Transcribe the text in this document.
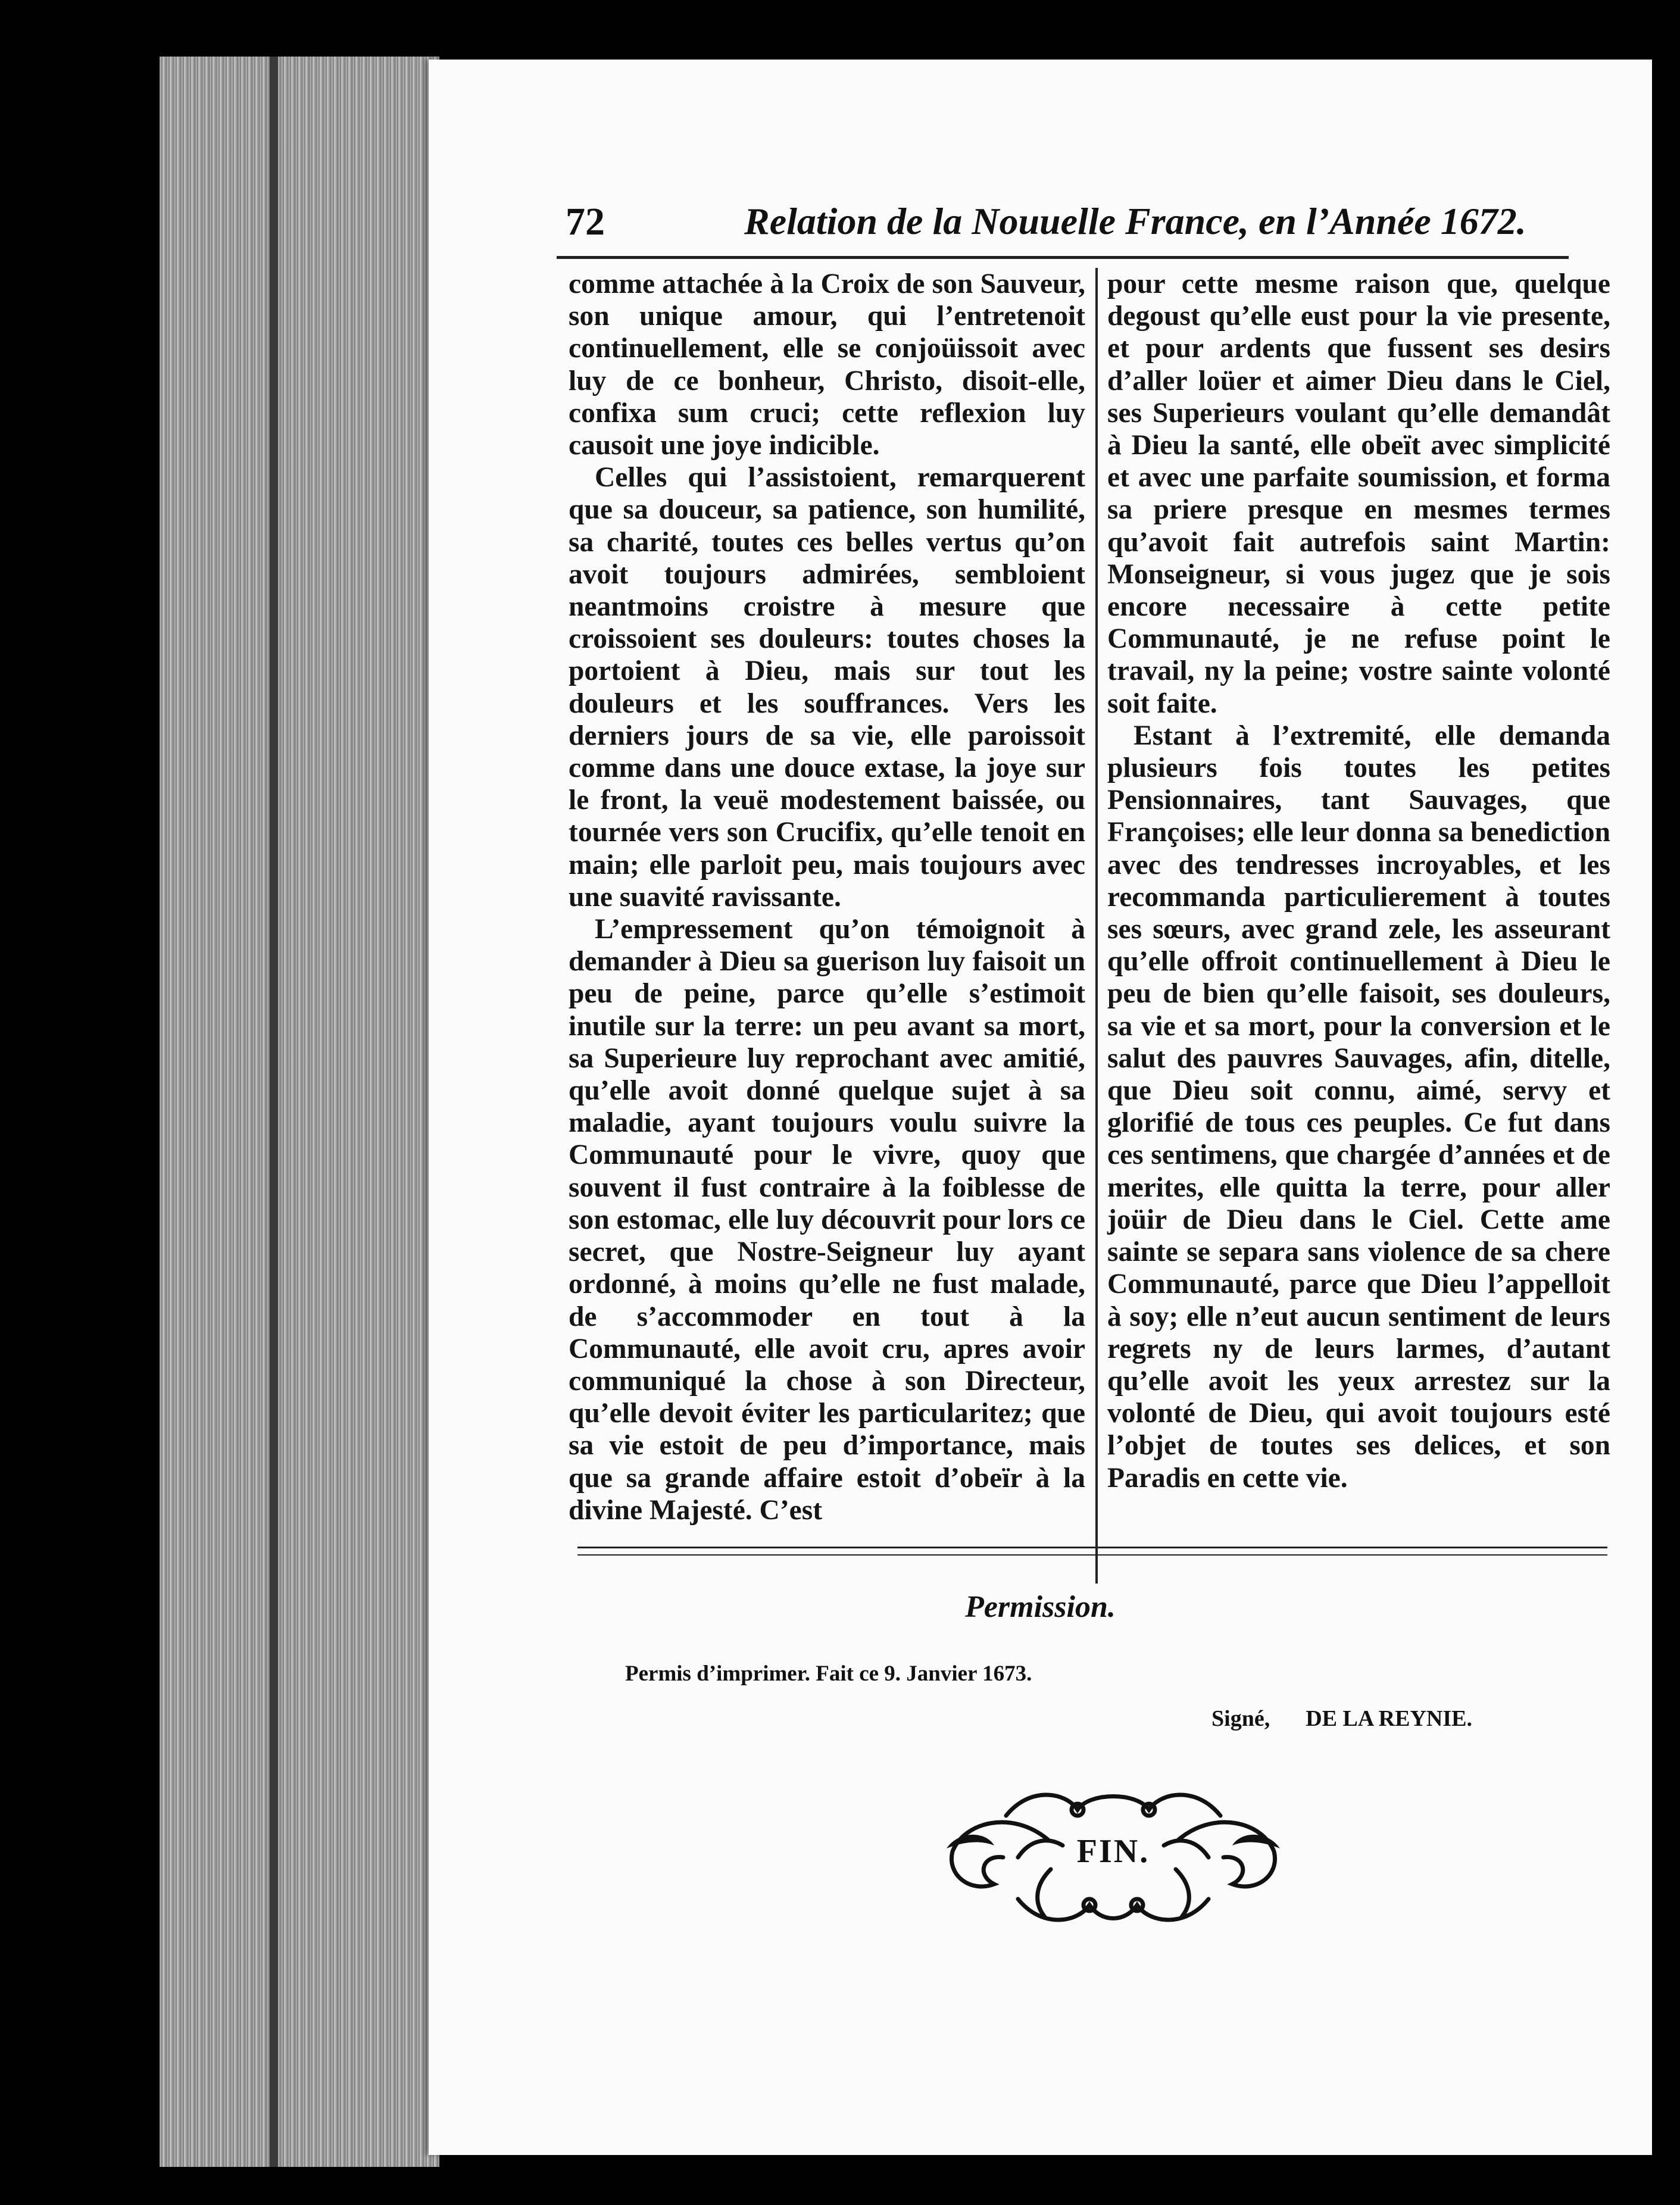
72	Relation de la Nouuelle France, en l’Année 1672.

comme attachée à la Croix de son Sauveur, son unique amour, qui l’entretenoit continuellement, elle se conjoüissoit avec luy de ce bonheur, Christo, disoit-elle, confixa sum cruci; cette reflexion luy causoit une joye indicible.

Celles qui l’assistoient, remarquerent que sa douceur, sa patience, son humilité, sa charité, toutes ces belles vertus qu’on avoit toujours admirées, sembloient neantmoins croistre à mesure que croissoient ses douleurs: toutes choses la portoient à Dieu, mais sur tout les douleurs et les souffrances. Vers les derniers jours de sa vie, elle paroissoit comme dans une douce extase, la joye sur le front, la veuë modestement baissée, ou tournée vers son Crucifix, qu’elle tenoit en main; elle parloit peu, mais toujours avec une suavité ravissante.

L’empressement qu’on témoignoit à demander à Dieu sa guerison luy faisoit un peu de peine, parce qu’elle s’estimoit inutile sur la terre: un peu avant sa mort, sa Superieure luy reprochant avec amitié, qu’elle avoit donné quelque sujet à sa maladie, ayant toujours voulu suivre la Communauté pour le vivre, quoy que souvent il fust contraire à la foiblesse de son estomac, elle luy découvrit pour lors ce secret, que Nostre-Seigneur luy ayant ordonné, à moins qu’elle ne fust malade, de s’accommoder en tout à la Communauté, elle avoit cru, apres avoir communiqué la chose à son Directeur, qu’elle devoit éviter les particularitez; que sa vie estoit de peu d’importance, mais que sa grande affaire estoit d’obeïr à la divine Majesté. C’est

pour cette mesme raison que, quelque degoust qu’elle eust pour la vie presente, et pour ardents que fussent ses desirs d’aller loüer et aimer Dieu dans le Ciel, ses Superieurs voulant qu’elle demandât à Dieu la santé, elle obeït avec simplicité et avec une parfaite soumission, et forma sa priere presque en mesmes termes qu’avoit fait autrefois saint Martin: Monseigneur, si vous jugez que je sois encore necessaire à cette petite Communauté, je ne refuse point le travail, ny la peine; vostre sainte volonté soit faite.

Estant à l’extremité, elle demanda plusieurs fois toutes les petites Pensionnaires, tant Sauvages, que Françoises; elle leur donna sa benediction avec des tendresses incroyables, et les recommanda particulierement à toutes ses sœurs, avec grand zele, les asseurant qu’elle offroit continuellement à Dieu le peu de bien qu’elle faisoit, ses douleurs, sa vie et sa mort, pour la conversion et le salut des pauvres Sauvages, afin, ditelle, que Dieu soit connu, aimé, servy et glorifié de tous ces peuples. Ce fut dans ces sentimens, que chargée d’années et de merites, elle quitta la terre, pour aller joüir de Dieu dans le Ciel. Cette ame sainte se separa sans violence de sa chere Communauté, parce que Dieu l’appelloit à soy; elle n’eut aucun sentiment de leurs regrets ny de leurs larmes, d’autant qu’elle avoit les yeux arrestez sur la volonté de Dieu, qui avoit toujours esté l’objet de toutes ses delices, et son Paradis en cette vie.

Permission.
Permis d’imprimer. Fait ce 9. Janvier 1673.
Signé, DE LA REYNIE.
FIN.
